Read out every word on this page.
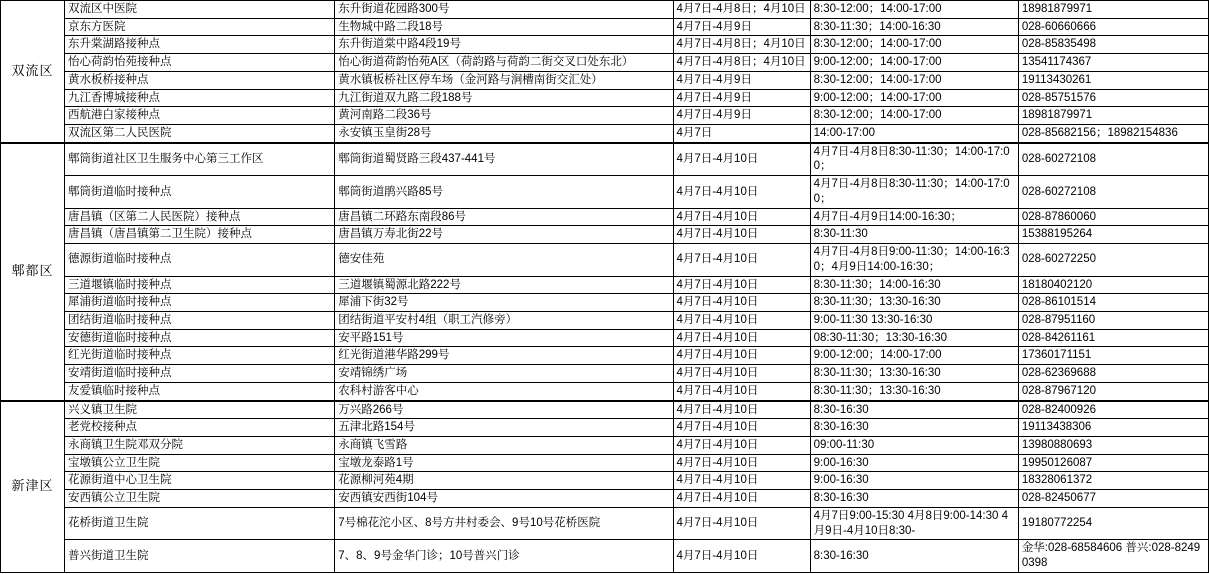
双流区	双流区中医院	东升街道花园路300号	4月7日-4月8日；4月10日	8:30-12:00；14:00-17:00	18981879971
	京东方医院	生物城中路二段18号	4月7日-4月9日	8:30-11:30；14:00-16:30	028-60660666
	东升棠湖路接种点	东升街道棠中路4段19号	4月7日-4月8日；4月10日	8:30-12:00；14:00-17:00	028-85835498
	怡心荷韵怡苑接种点	怡心街道荷韵怡苑A区（荷韵路与荷韵二街交叉口处东北）	4月7日-4月8日；4月10日	9:00-12:00；14:00-17:00	13541174367
	黄水板桥接种点	黄水镇板桥社区停车场（金河路与涧槽南街交汇处）	4月7日-4月9日	8:30-12:00；14:00-17:00	19113430261
	九江香博城接种点	九江街道双九路二段188号	4月7日-4月9日	9:00-12:00；14:00-17:00	028-85751576
	西航港白家接种点	黄河南路二段36号	4月7日-4月9日	8:30-12:00；14:00-17:00	18981879971
	双流区第二人民医院	永安镇玉皇街28号	4月7日	14:00-17:00	028-85682156；18982154836
郫都区	郫筒街道社区卫生服务中心第三工作区	郫筒街道蜀贤路三段437-441号	4月7日-4月10日	4月7日-4月8日8:30-11:30；14:00-17:00；	028-60272108
	郫筒街道临时接种点	郫筒街道鹃兴路85号	4月7日-4月10日	4月7日-4月8日8:30-11:30；14:00-17:00；	028-60272108
	唐昌镇（区第二人民医院）接种点	唐昌镇二环路东南段86号	4月7日-4月10日	4月7日-4月9日14:00-16:30；	028-87860060
	唐昌镇（唐昌镇第二卫生院）接种点	唐昌镇万寿北街22号	4月7日-4月10日	8:30-11:30	15388195264
	德源街道临时接种点	德安佳苑	4月7日-4月10日	4月7日-4月8日9:00-11:30；14:00-16:30；4月9日14:00-16:30；	028-60272250
	三道堰镇临时接种点	三道堰镇蜀源北路222号	4月7日-4月10日	8:30-11:30；14:00-16:30	18180402120
	犀浦街道临时接种点	犀浦下街32号	4月7日-4月10日	8:30-11:30；13:30-16:30	028-86101514
	团结街道临时接种点	团结街道平安村4组（职工汽修旁）	4月7日-4月10日	9:00-11:30 13:30-16:30	028-87951160
	安德街道临时接种点	安平路151号	4月7日-4月10日	08:30-11:30；13:30-16:30	028-84261161
	红光街道临时接种点	红光街道港华路299号	4月7日-4月10日	9:00-12:00；14:00-17:00	17360171151
	安靖街道临时接种点	安靖锦绣广场	4月7日-4月10日	8:30-11:30；13:30-16:30	028-62369688
	友爱镇临时接种点	农科村游客中心	4月7日-4月10日	8:30-11:30；13:30-16:30	028-87967120
新津区	兴义镇卫生院	万兴路266号	4月7日-4月10日	8:30-16:30	028-82400926
	老党校接种点	五津北路154号	4月7日-4月10日	8:30-16:30	19113438306
	永商镇卫生院邓双分院	永商镇飞雪路	4月7日-4月10日	09:00-11:30	13980880693
	宝墩镇公立卫生院	宝墩龙泰路1号	4月7日-4月10日	9:00-16:30	19950126087
	花源街道中心卫生院	花源柳河苑4期	4月7日-4月10日	9:00-16:30	18328061372
	安西镇公立卫生院	安西镇安西街104号	4月7日-4月10日	8:30-16:30	028-82450677
	花桥街道卫生院	7号棉花沱小区、8号方井村委会、9号10号花桥医院	4月7日-4月10日	4月7日9:00-15:30 4月8日9:00-14:30 4月9日-4月10日8:30-	19180772254
	普兴街道卫生院	7、8、9号金华门诊；10号普兴门诊	4月7日-4月10日	8:30-16:30	金华:028-68584606 普兴:028-82490398
